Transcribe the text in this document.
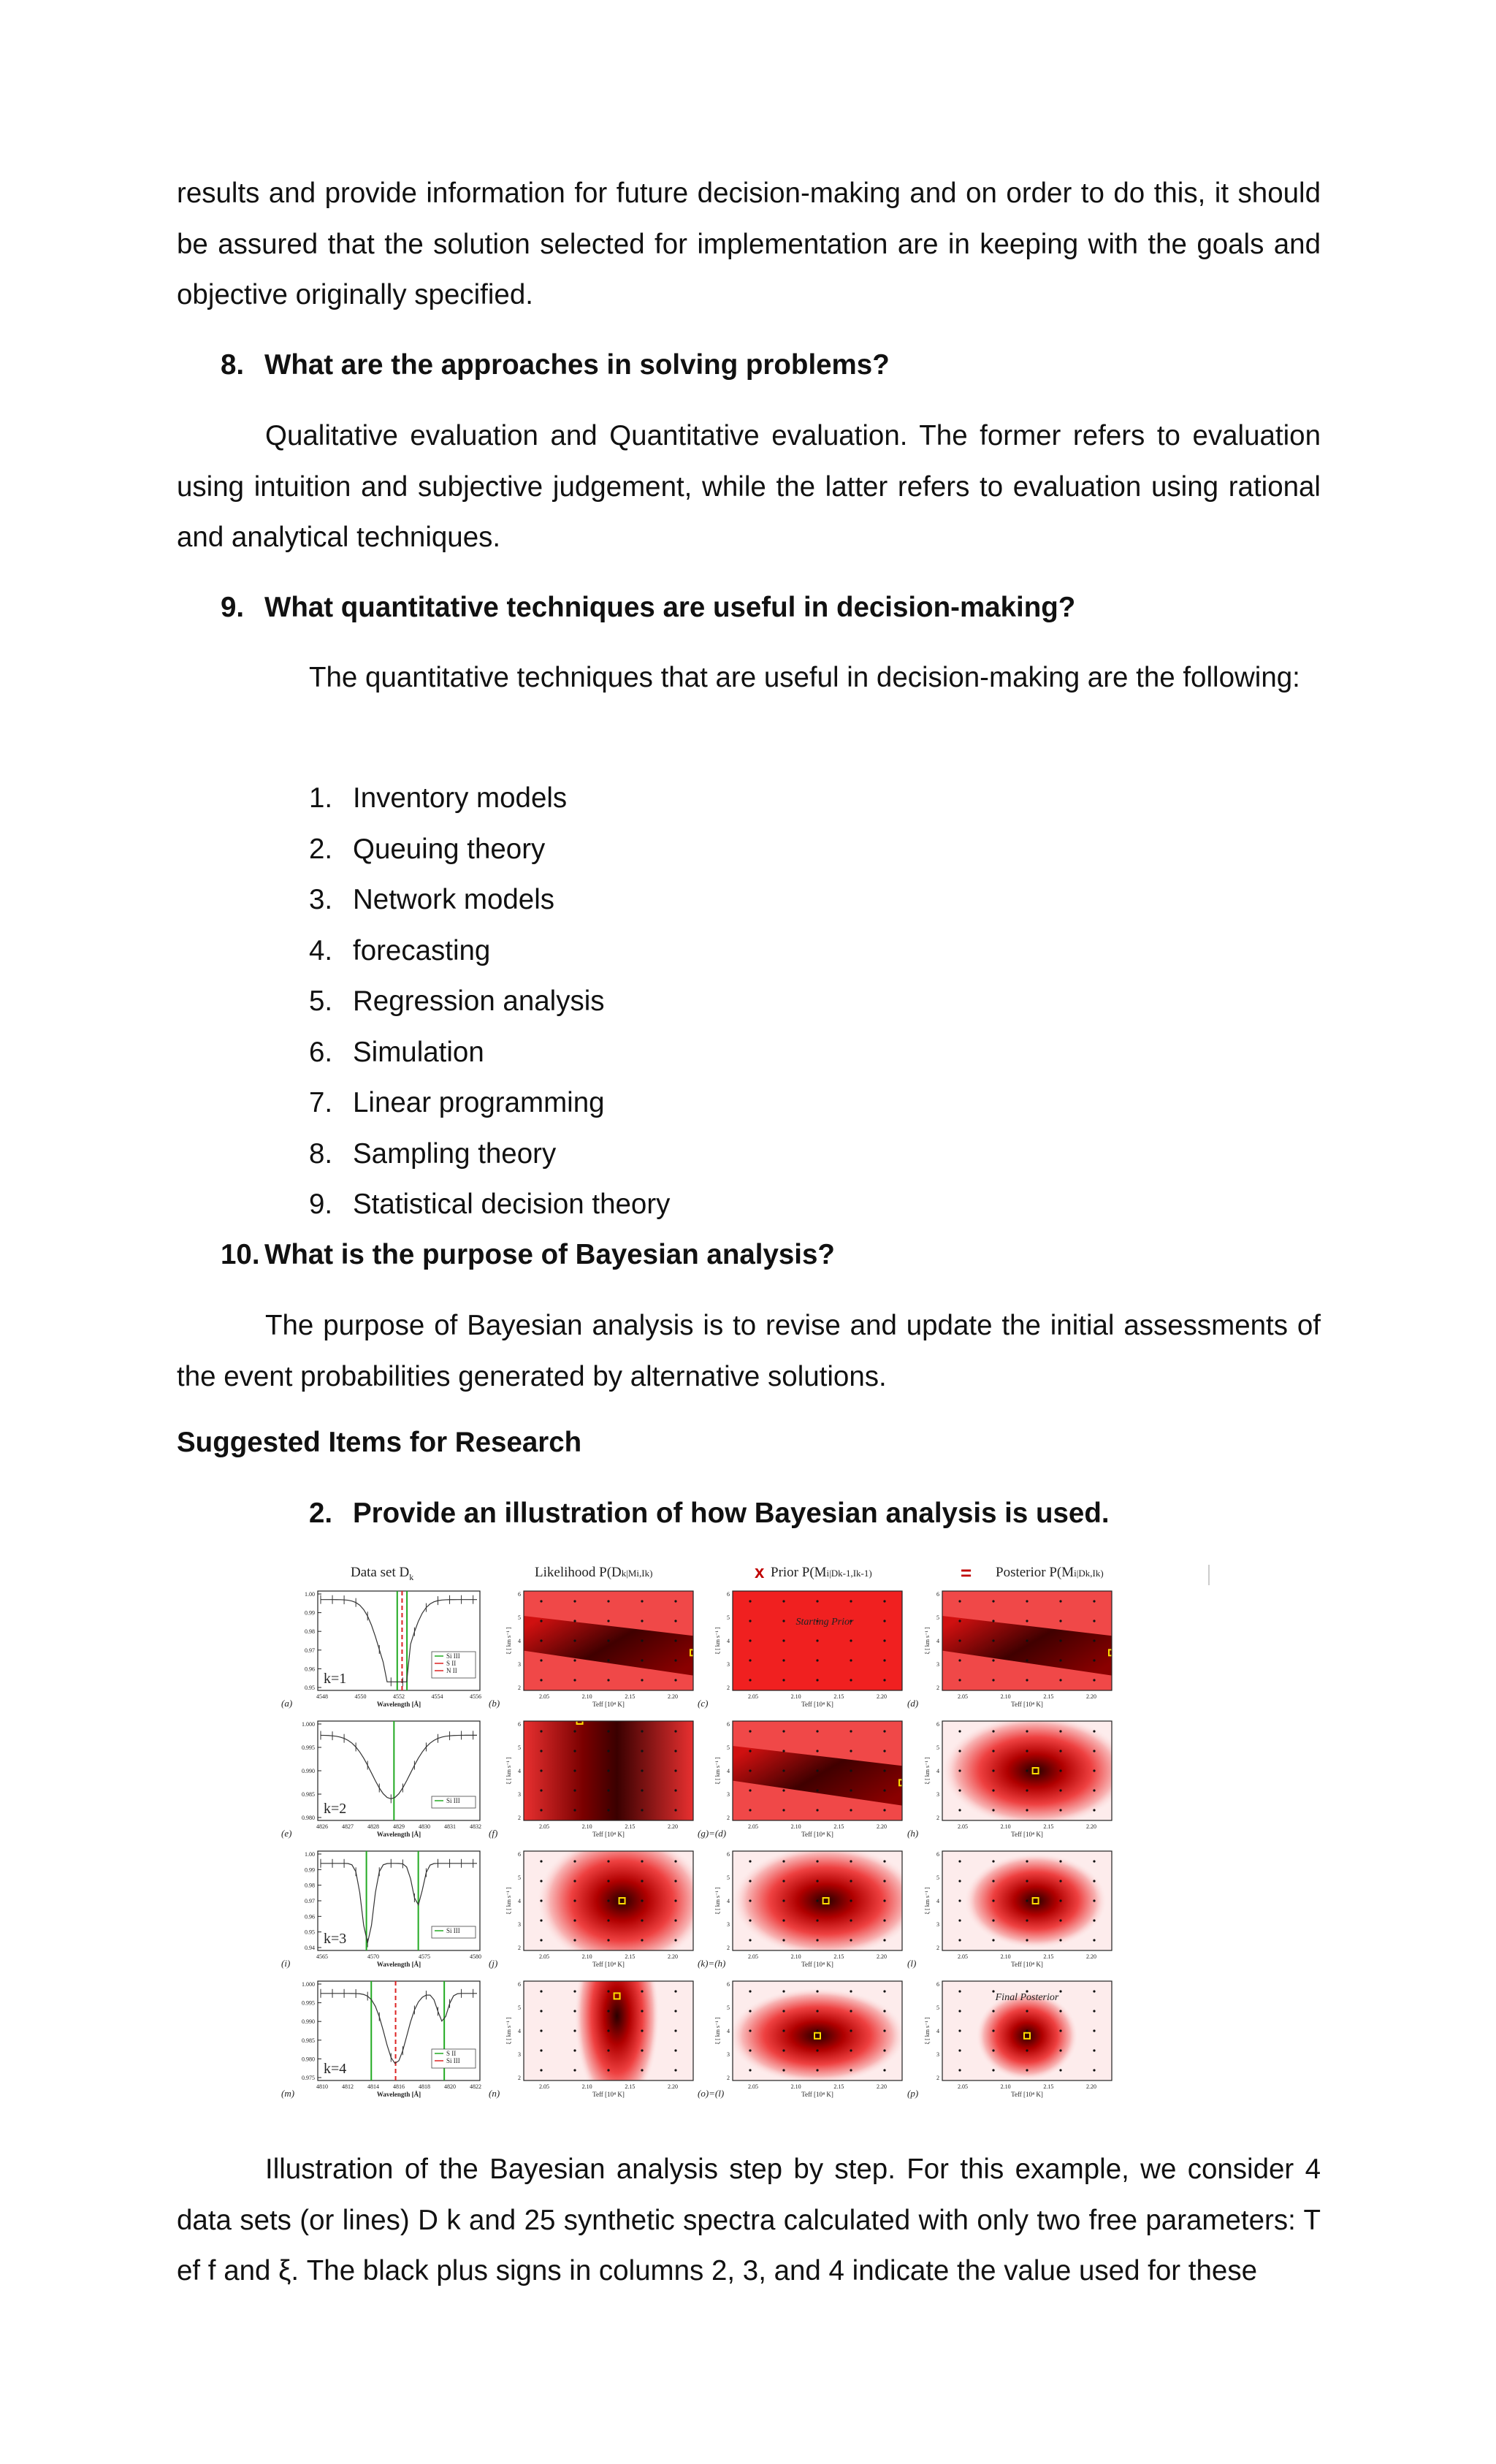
results and provide information for future decision-making and on order to do this, it should be assured that the solution selected for implementation are in keeping with the goals and objective originally specified.

8. What are the approaches in solving problems?

Qualitative evaluation and Quantitative evaluation. The former refers to evaluation using intuition and subjective judgement, while the latter refers to evaluation using rational and analytical techniques.

9. What quantitative techniques are useful in decision-making?

The quantitative techniques that are useful in decision-making are the following:

1. Inventory models
2. Queuing theory
3. Network models
4. forecasting
5. Regression analysis
6. Simulation
7. Linear programming
8. Sampling theory
9. Statistical decision theory

10. What is the purpose of Bayesian analysis?

The purpose of Bayesian analysis is to revise and update the initial assessments of the event probabilities generated by alternative solutions.

Suggested Items for Research

2. Provide an illustration of how Bayesian analysis is used.

Data set $D_k$	Likelihood P(Dk|Mi,Ik)	x Prior P(Mi|Dk-1,Ik-1)	= Posterior P(Mi|Dk,Ik)
1.00
0.99
0.98
0.97
0.96
0.95
k=1
Si III
S II
N II
4548	4550	4552	4554	4556
Wavelength [Å]
(a)
6
5
4
3
2
ξ [ km s⁻¹ ]
2.05	2.10	2.15	2.20
Teff [10⁴ K]
(b)
6
5
4
3
2
ξ [ km s⁻¹ ]
2.05	2.10	2.15	2.20
Teff [10⁴ K]
(c)
Starting Prior
6
5
4
3
2
ξ [ km s⁻¹ ]
2.05	2.10	2.15	2.20
Teff [10⁴ K]
(d)
1.000
0.995
0.990
0.985
0.980
k=2	Si III
4826 4827 4828 4829 4830 4831 4832
Wavelength [Å]
(e)
6
5
4
3
2
ξ [ km s⁻¹ ]
2.05	2.10	2.15	2.20
Teff [10⁴ K]
(f)
6
5
4
3
2
ξ [ km s⁻¹ ]
2.05	2.10	2.15	2.20
Teff [10⁴ K]
(g)=(d)
6
5
4
3
2
ξ [ km s⁻¹ ]
2.05	2.10	2.15	2.20
Teff [10⁴ K]
(h)
1.00
0.99
0.98
0.97
0.96
0.95
0.94
k=3	Si III
4565	4570	4575	4580
Wavelength [Å]
(i)
6
5
4
3
2
ξ [ km s⁻¹ ]
2.05	2.10	2.15	2.20
Teff [10⁴ K]
(j)
6
5
4
3
2
ξ [ km s⁻¹ ]
2.05	2.10	2.15	2.20
Teff [10⁴ K]
(k)=(h)
6
5
4
3
2
ξ [ km s⁻¹ ]
2.05	2.10	2.15	2.20
Teff [10⁴ K]
(l)
1.000
0.995
0.990
0.985
0.980
0.975
k=4
S II
Si III
4810 4812 4814 4816 4818 4820 4822
Wavelength [Å]
(m)
6
5
4
3
2
ξ [ km s⁻¹ ]
2.05	2.10	2.15	2.20
Teff [10⁴ K]
(n)
6
5
4
3
2
ξ [ km s⁻¹ ]
2.05	2.10	2.15	2.20
Teff [10⁴ K]
(o)=(l)
6
5
4
3
2
ξ [ km s⁻¹ ]
2.05	2.10	2.15	2.20
Teff [10⁴ K]
(p)
Final Posterior

Illustration of the Bayesian analysis step by step. For this example, we consider 4 data sets (or lines) D k and 25 synthetic spectra calculated with only two free parameters: T ef f and ξ. The black plus signs in columns 2, 3, and 4 indicate the value used for these
